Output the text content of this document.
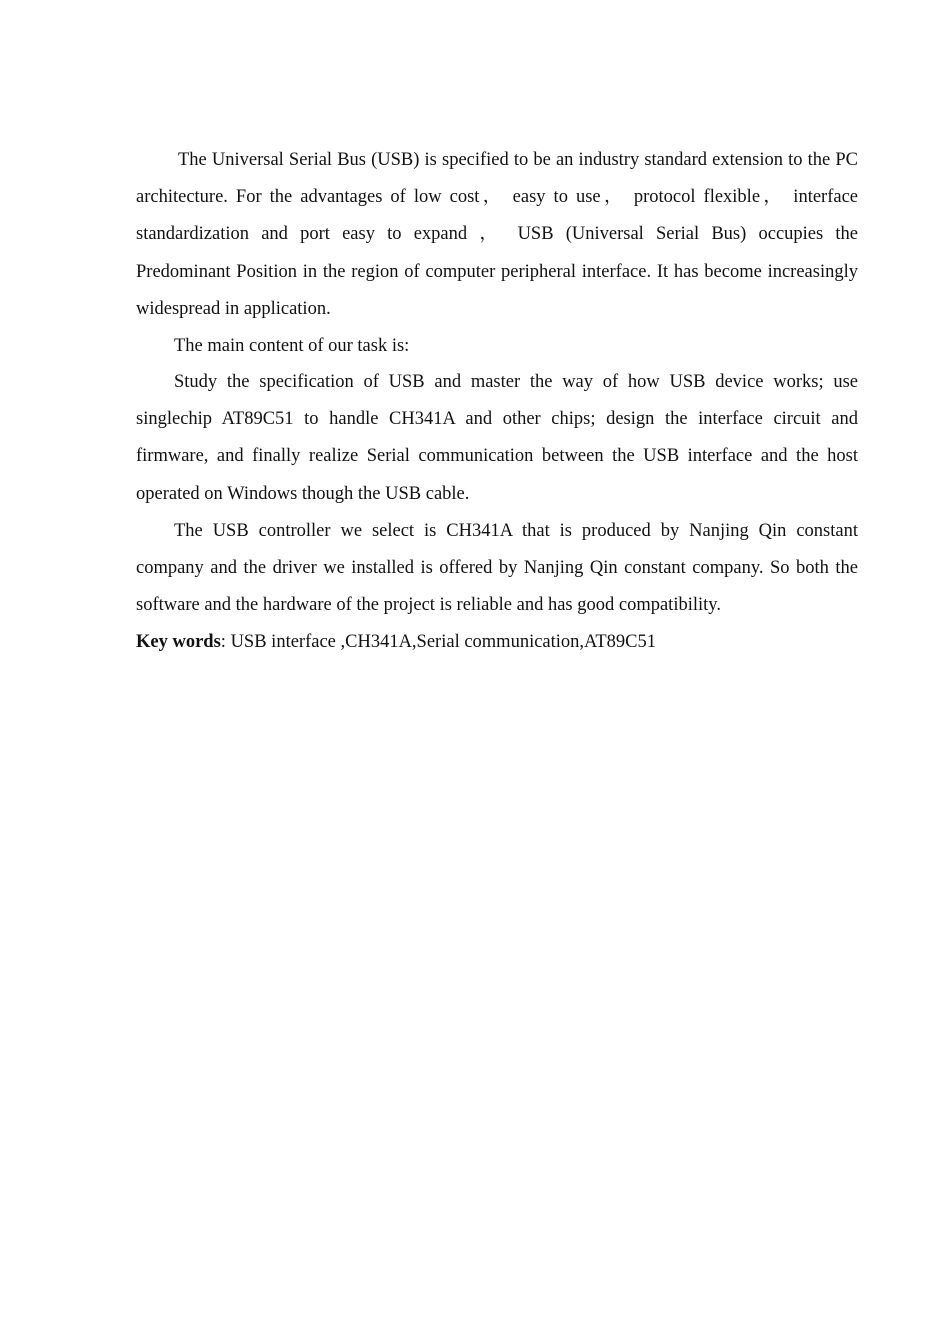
The Universal Serial Bus (USB) is specified to be an industry standard extension to the PC architecture. For the advantages of low cost， easy to use， protocol flexible， interface standardization and port easy to expand ， USB (Universal Serial Bus) occupies the Predominant Position in the region of computer peripheral interface. It has become increasingly widespread in application.

The main content of our task is:

Study the specification of USB and master the way of how USB device works; use singlechip AT89C51 to handle CH341A and other chips; design the interface circuit and firmware, and finally realize Serial communication between the USB interface and the host operated on Windows though the USB cable.

The USB controller we select is CH341A that is produced by Nanjing Qin constant company and the driver we installed is offered by Nanjing Qin constant company. So both the software and the hardware of the project is reliable and has good compatibility.

Key words: USB interface ,CH341A,Serial communication,AT89C51
